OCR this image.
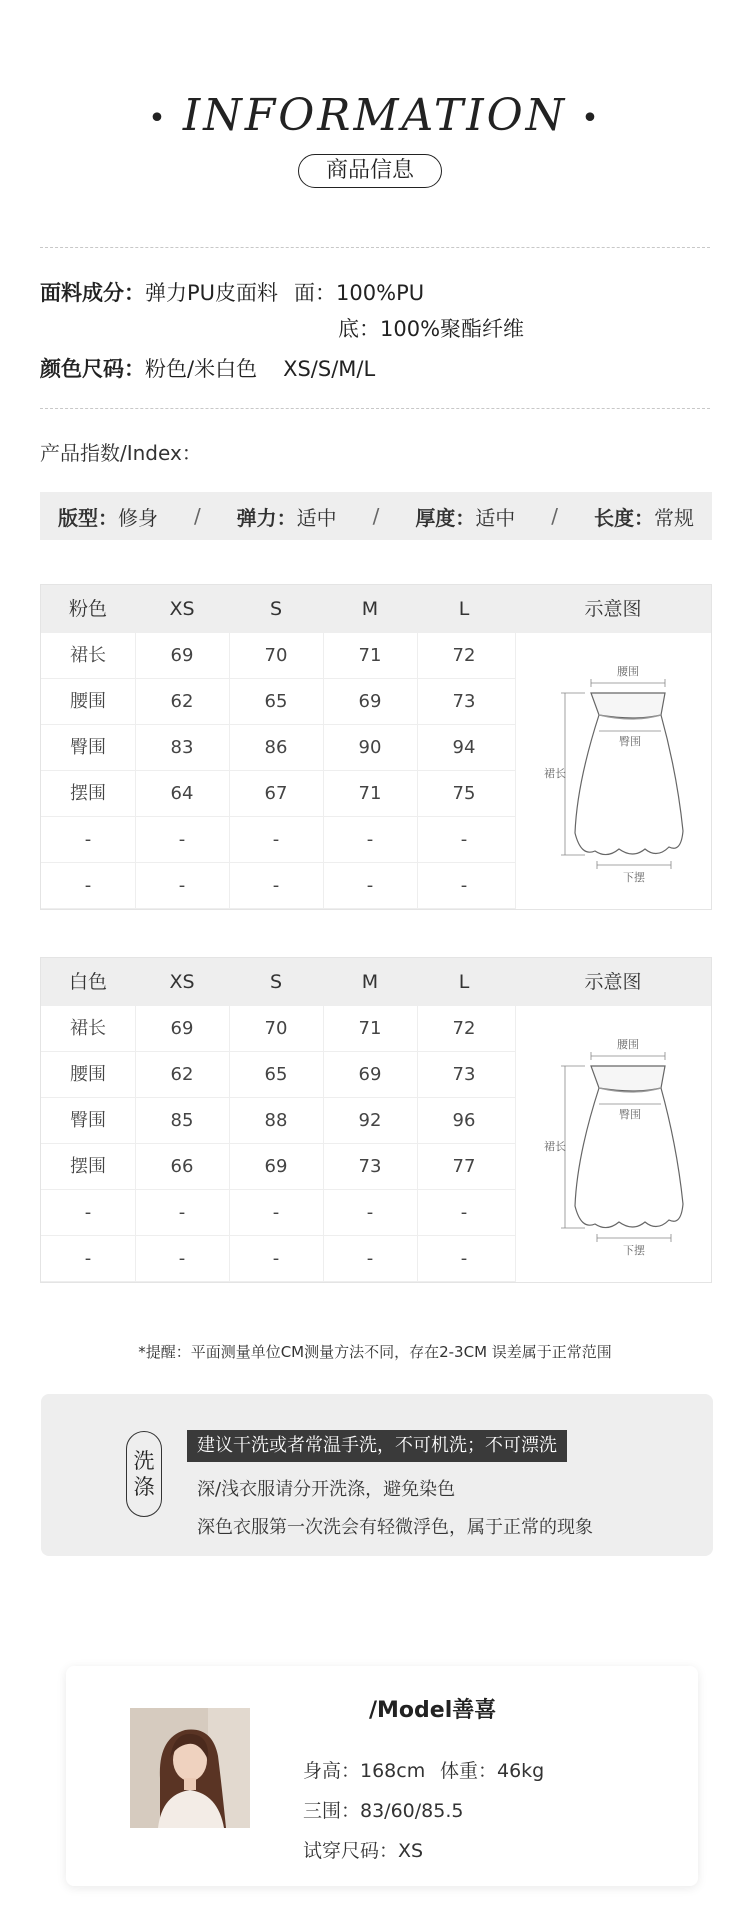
• INFORMATION •
商品信息
面料成分：弹力PU皮面料 面：100%PU
底：100%聚酯纤维
颜色尺码：粉色/米白色 XS/S/M/L
产品指数/Index：
版型：修身 / 弹力：适中 / 厚度：适中 / 长度：常规
粉色	XS	S	M	L	示意图
裙长	69	70	71	72
腰围	62	65	69	73
臀围	83	86	90	94
摆围	64	67	71	75
-	-	-	-	-
-	-	-	-	-
腰围
臀围
裙长
下摆
白色	XS	S	M	L	示意图
裙长	69	70	71	72
腰围	62	65	69	73
臀围	85	88	92	96
摆围	66	69	73	77
-	-	-	-	-
-	-	-	-	-
腰围
臀围
裙长
下摆
*提醒：平面测量单位CM测量方法不同，存在2-3CM 误差属于正常范围
洗
涤
建议干洗或者常温手洗，不可机洗；不可漂洗
深/浅衣服请分开洗涤，避免染色
深色衣服第一次洗会有轻微浮色，属于正常的现象
/Model善喜
身高：168cm 体重：46kg
三围：83/60/85.5
试穿尺码：XS
